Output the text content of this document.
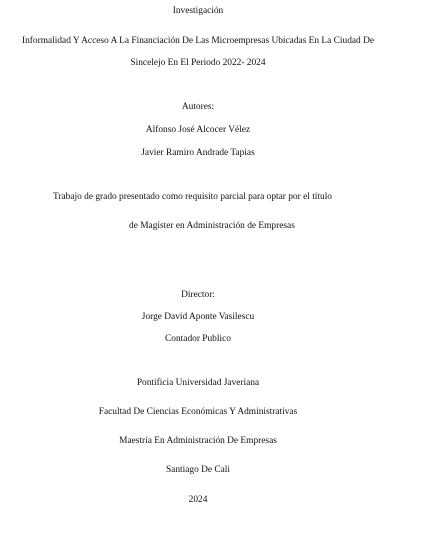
Investigación
Informalidad Y Acceso A La Financiación De Las Microempresas Ubicadas En La Ciudad De
Sincelejo En El Periodo 2022- 2024
Autores:
Alfonso José Alcocer Vélez
Javier Ramiro Andrade Tapias
Trabajo de grado presentado como requisito parcial para optar por el título
de Magíster en Administración de Empresas
Director:
Jorge David Aponte Vasilescu
Contador Publico
Pontificia Universidad Javeriana
Facultad De Ciencias Económicas Y Administrativas
Maestría En Administración De Empresas
Santiago De Cali
2024
